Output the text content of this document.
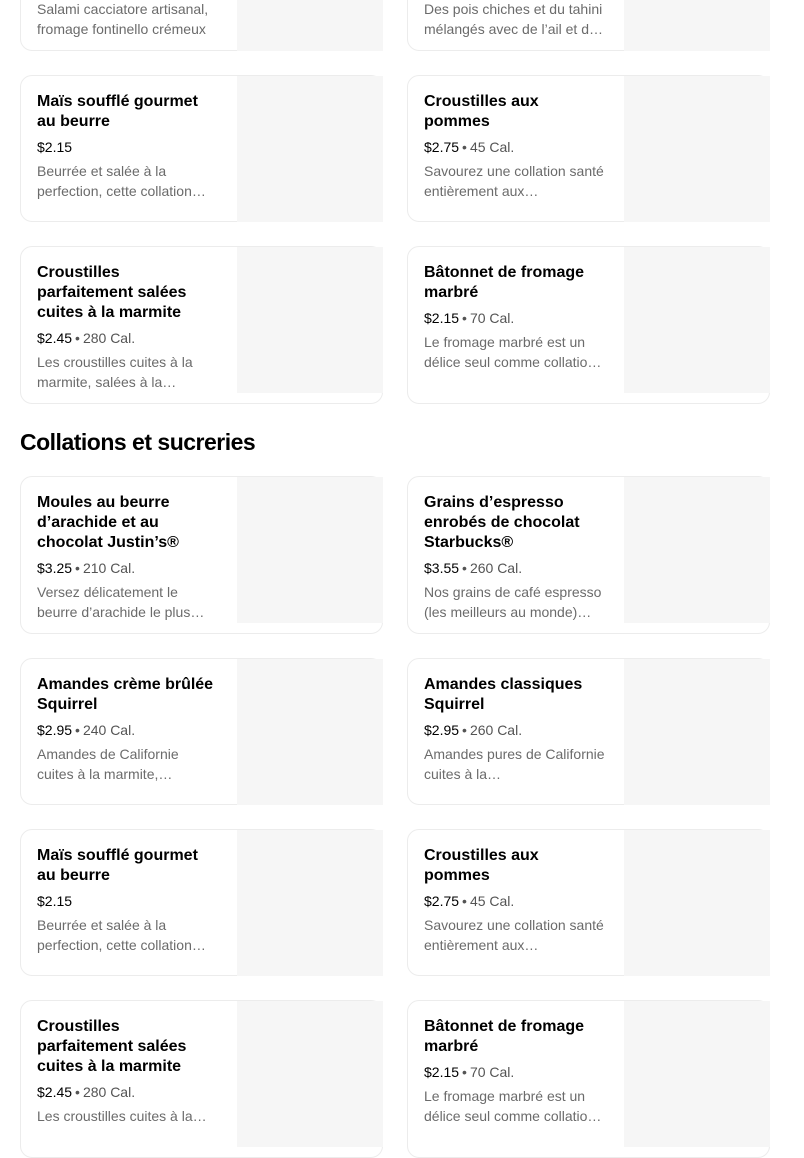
Salami cacciatore artisanal, fromage fontinello crémeux
Des pois chiches et du tahini mélangés avec de l’ail et d…
Maïs soufflé gourmet au beurre
$2.15
Beurrée et salée à la perfection, cette collation…
Croustilles aux pommes
$2.75 • 45 Cal.
Savourez une collation santé entièrement aux…
Croustilles parfaitement salées cuites à la marmite
$2.45 • 280 Cal.
Les croustilles cuites à la marmite, salées à la…
Bâtonnet de fromage marbré
$2.15 • 70 Cal.
Le fromage marbré est un délice seul comme collatio…
Collations et sucreries
Moules au beurre d’arachide et au chocolat Justin’s®
$3.25 • 210 Cal.
Versez délicatement le beurre d’arachide le plus…
Grains d’espresso enrobés de chocolat Starbucks®
$3.55 • 260 Cal.
Nos grains de café espresso (les meilleurs au monde)…
Amandes crème brûlée Squirrel
$2.95 • 240 Cal.
Amandes de Californie cuites à la marmite,…
Amandes classiques Squirrel
$2.95 • 260 Cal.
Amandes pures de Californie cuites à la…
Maïs soufflé gourmet au beurre
$2.15
Beurrée et salée à la perfection, cette collation…
Croustilles aux pommes
$2.75 • 45 Cal.
Savourez une collation santé entièrement aux…
Croustilles parfaitement salées cuites à la marmite
$2.45 • 280 Cal.
Les croustilles cuites à la…
Bâtonnet de fromage marbré
$2.15 • 70 Cal.
Le fromage marbré est un délice seul comme collatio…
